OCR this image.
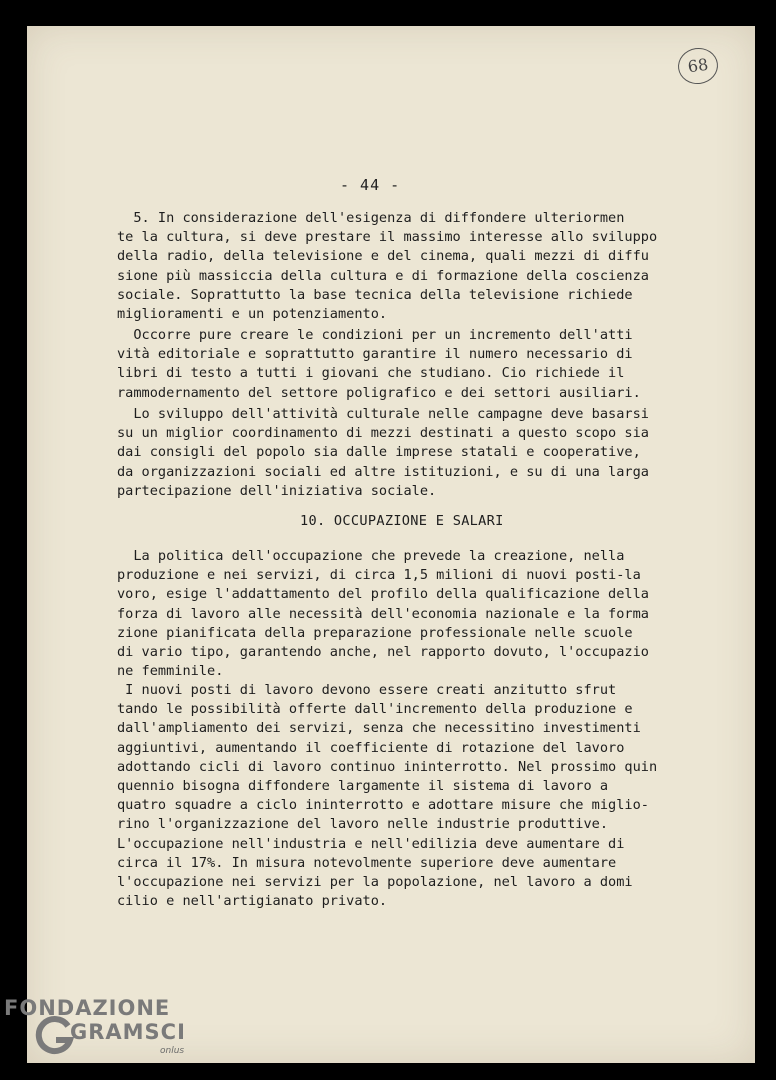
68
- 44 -
5. In considerazione dell'esigenza di diffondere ulteriormen
te la cultura, si deve prestare il massimo interesse allo sviluppo
della radio, della televisione e del cinema, quali mezzi di diffu
sione più massiccia della cultura e di formazione della coscienza
sociale. Soprattutto la base tecnica della televisione richiede
miglioramenti e un potenziamento.
Occorre pure creare le condizioni per un incremento dell'atti
vità editoriale e soprattutto garantire il numero necessario di
libri di testo a tutti i giovani che studiano. Cio richiede il
rammodernamento del settore poligrafico e dei settori ausiliari.
Lo sviluppo dell'attività culturale nelle campagne deve basarsi
su un miglior coordinamento di mezzi destinati a questo scopo sia
dai consigli del popolo sia dalle imprese statali e cooperative,
da organizzazioni sociali ed altre istituzioni, e su di una larga
partecipazione dell'iniziativa sociale.
10. OCCUPAZIONE E SALARI
La politica dell'occupazione che prevede la creazione, nella
produzione e nei servizi, di circa 1,5 milioni di nuovi posti-la
voro, esige l'addattamento del profilo della qualificazione della
forza di lavoro alle necessità dell'economia nazionale e la forma
zione pianificata della preparazione professionale nelle scuole
di vario tipo, garantendo anche, nel rapporto dovuto, l'occupazio
ne femminile.
I nuovi posti di lavoro devono essere creati anzitutto sfrut
tando le possibilità offerte dall'incremento della produzione e
dall'ampliamento dei servizi, senza che necessitino investimenti
aggiuntivi, aumentando il coefficiente di rotazione del lavoro
adottando cicli di lavoro continuo ininterrotto. Nel prossimo quin
quennio bisogna diffondere largamente il sistema di lavoro a
quatro squadre a ciclo ininterrotto e adottare misure che miglio-
rino l'organizzazione del lavoro nelle industrie produttive.
L'occupazione nell'industria e nell'edilizia deve aumentare di
circa il 17%. In misura notevolmente superiore deve aumentare
l'occupazione nei servizi per la popolazione, nel lavoro a domi
cilio e nell'artigianato privato.
FONDAZIONE
GRAMSCI
onlus
